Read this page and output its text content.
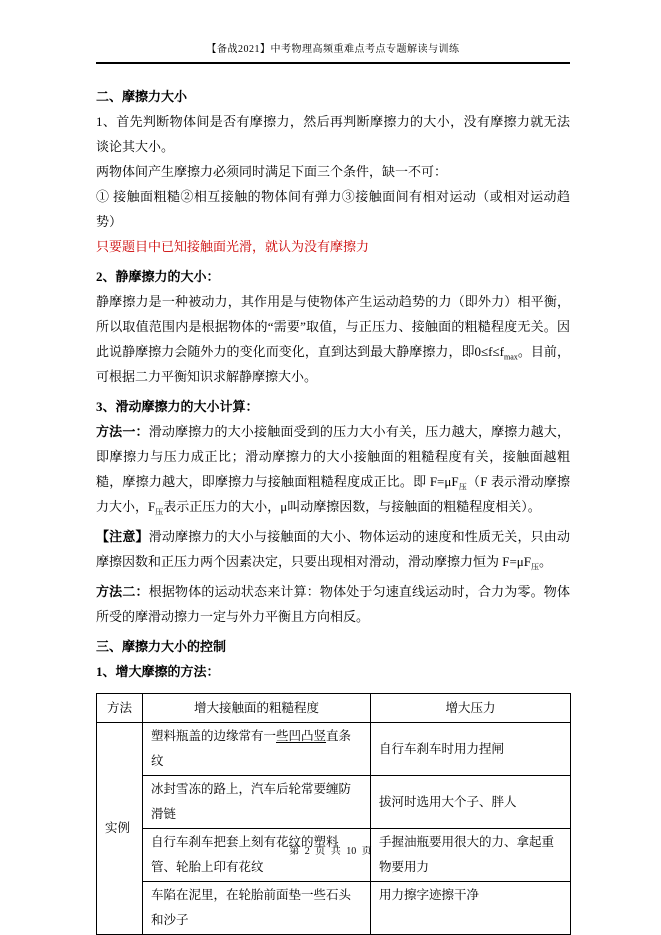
【备战2021】中考物理高频重难点考点专题解读与训练
二、摩擦力大小

1、首先判断物体间是否有摩擦力，然后再判断摩擦力的大小，没有摩擦力就无法谈论其大小。

两物体间产生摩擦力必须同时满足下面三个条件，缺一不可：

① 接触面粗糙②相互接触的物体间有弹力③接触面间有相对运动（或相对运动趋势）

只要题目中已知接触面光滑，就认为没有摩擦力

2、静摩擦力的大小：

静摩擦力是一种被动力，其作用是与使物体产生运动趋势的力（即外力）相平衡，所以取值范围内是根据物体的“需要”取值，与正压力、接触面的粗糙程度无关。因此说静摩擦力会随外力的变化而变化，直到达到最大静摩擦力，即$0\le f\le f_{max}$。目前，可根据二力平衡知识求解静摩擦大小。

3、滑动摩擦力的大小计算：

方法一：滑动摩擦力的大小接触面受到的压力大小有关，压力越大，摩擦力越大，即摩擦力与压力成正比；滑动摩擦力的大小接触面的粗糙程度有关，接触面越粗糙，摩擦力越大，即摩擦力与接触面粗糙程度成正比。即 $F=\mu F_压(F$ 表示滑动摩擦力大小，$F_压$表示正压力的大小，μ叫动摩擦因数，与接触面的粗糙程度相关）。

【注意】滑动摩擦力的大小与接触面的大小、物体运动的速度和性质无关，只由动摩擦因数和正压力两个因素决定，只要出现相对滑动，滑动摩擦力恒为 $F=\mu F_压$。

方法二：根据物体的运动状态来计算：物体处于匀速直线运动时，合力为零。物体所受的摩滑动擦力一定与外力平衡且方向相反。

三、摩擦力大小的控制
1、增大摩擦的方法：
方法	增大接触面的粗糙程度	增大压力
实例	塑料瓶盖的边缘常有一些凹凸竖直条纹	自行车刹车时用力捏闸
	冰封雪冻的路上，汽车后轮常要缠防滑链	拔河时选用大个子、胖人
	自行车刹车把套上刻有花纹的塑料管、轮胎上印有花纹	手握油瓶要用很大的力、拿起重物要用力
	车陷在泥里，在轮胎前面垫一些石头和沙子	用力擦字迹擦干净
第 2 页 共 10 页
